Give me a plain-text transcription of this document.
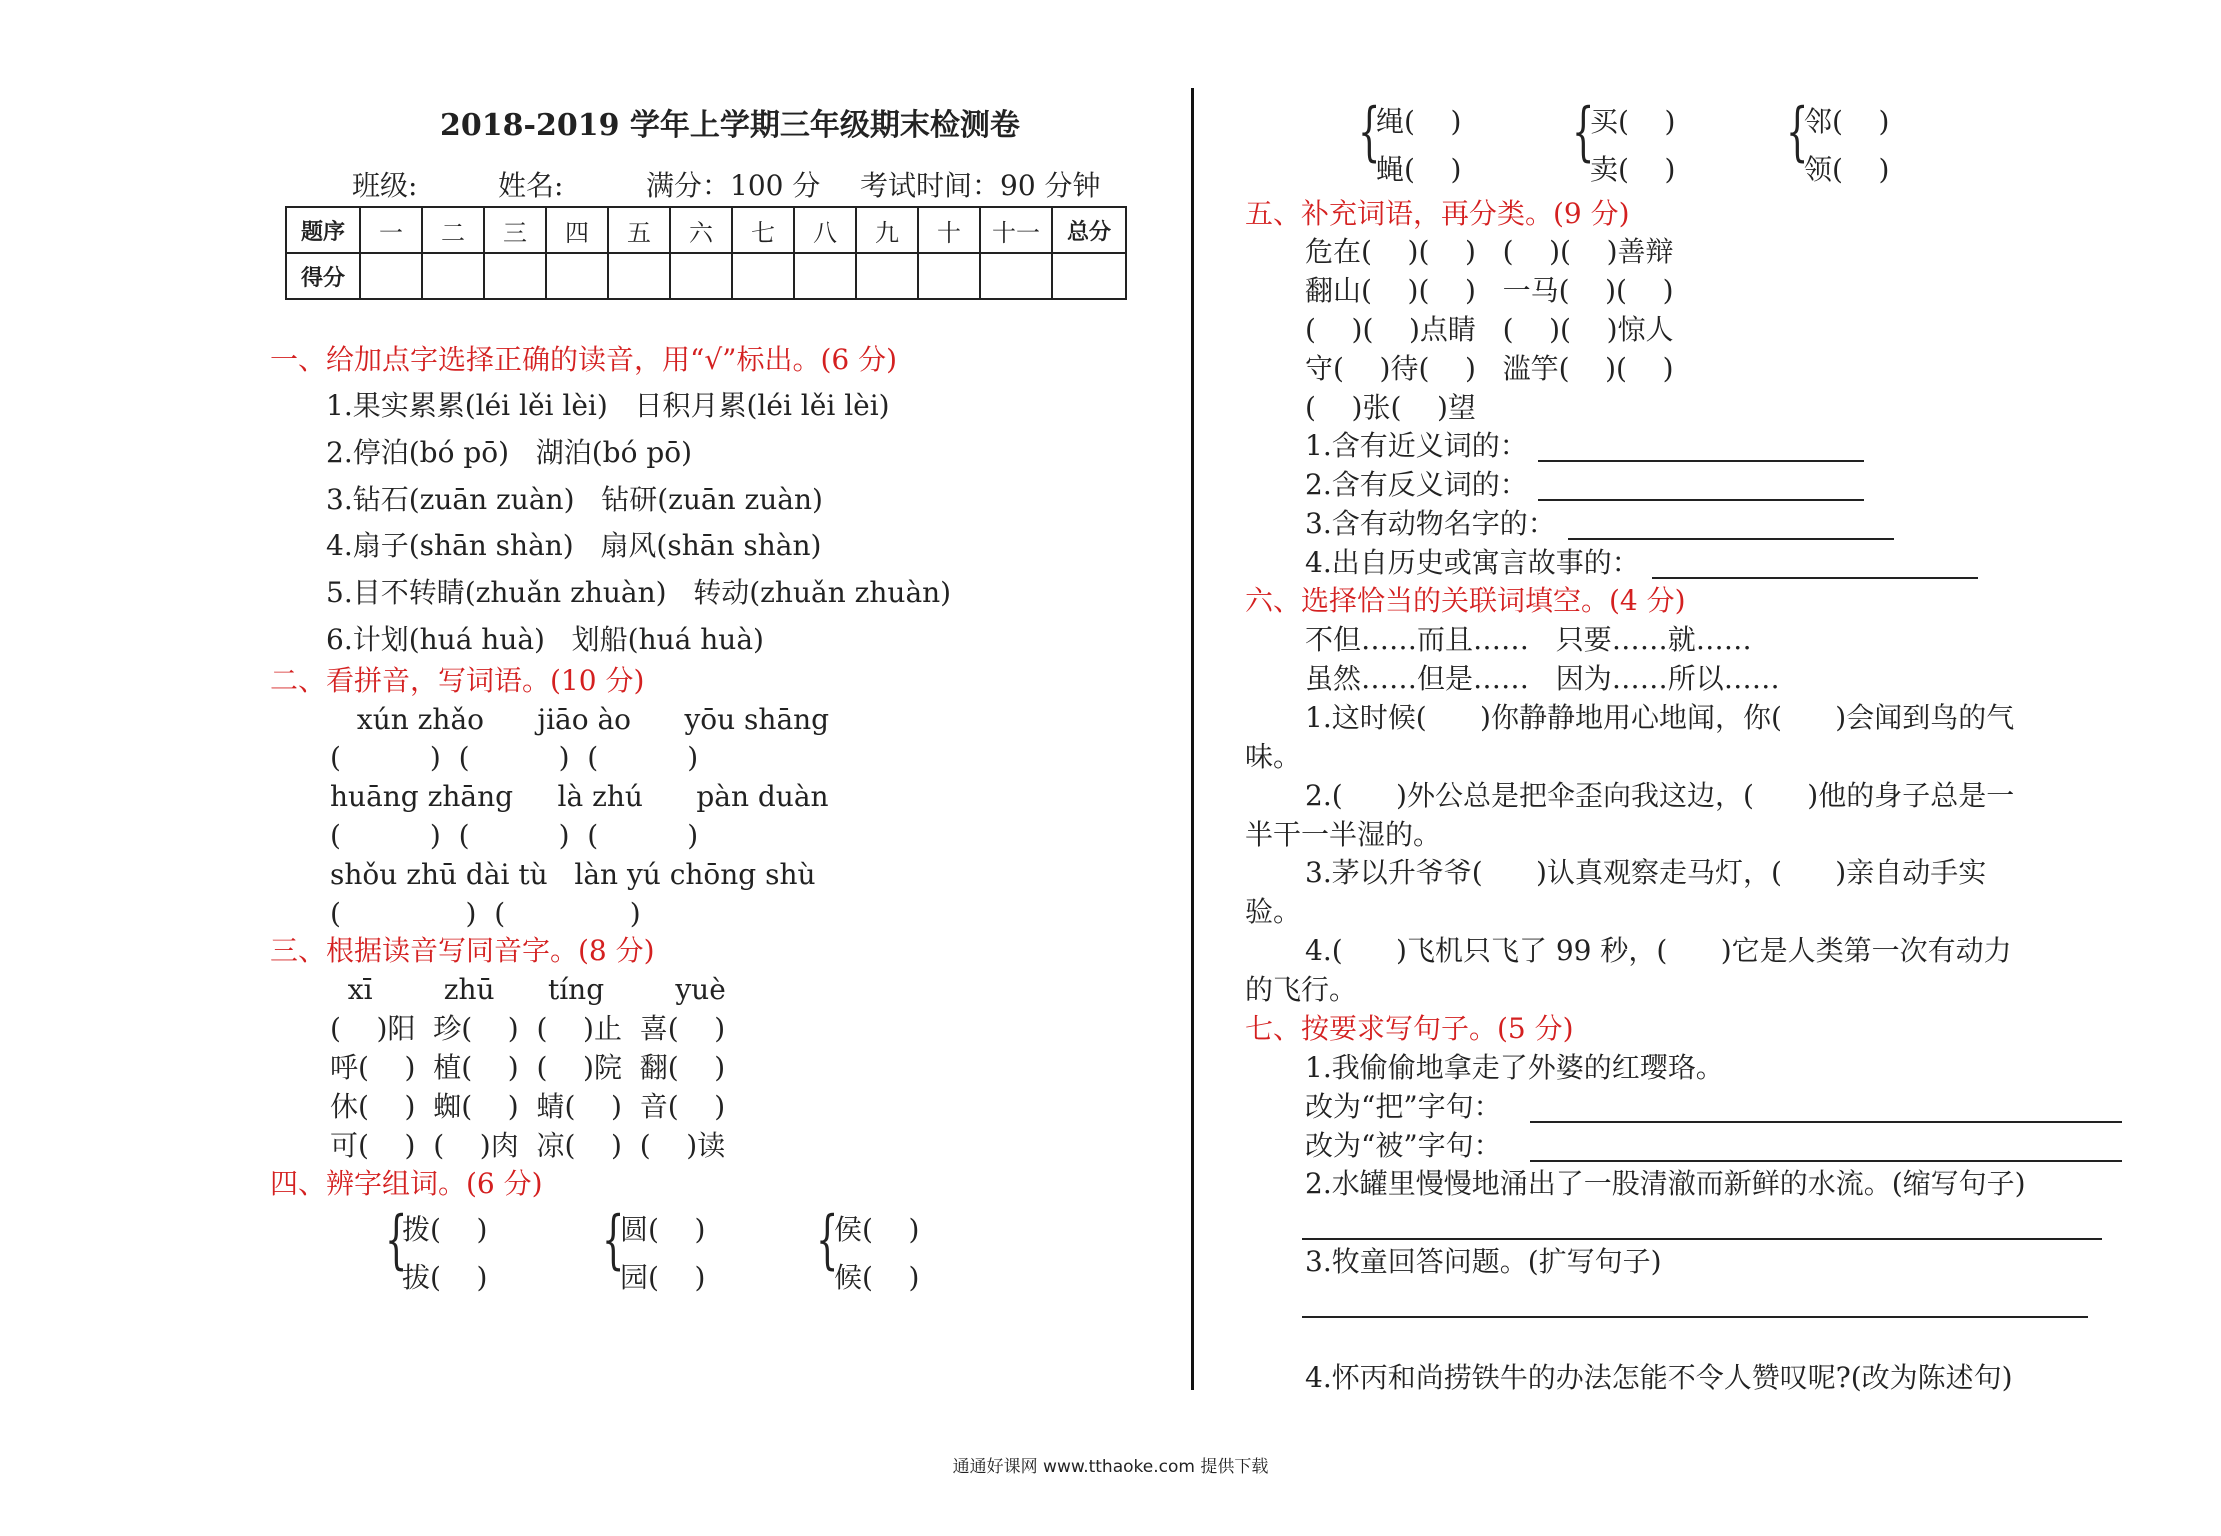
2018-2019 学年上学期三年级期末检测卷
班级:	姓名:	满分：100 分 考试时间：90 分钟
题序	一	二	三	四	五	六	七	八	九	十	十一	总分
得分												
一、给加点字选择正确的读音，用“√”标出。(6 分)
1.果实累累(léi lěi lèi)   日积月累(léi lěi lèi)
2.停泊(bó pō)   湖泊(bó pō)
3.钻石(zuān zuàn)   钻研(zuān zuàn)
4.扇子(shān shàn)   扇风(shān shàn)
5.目不转睛(zhuǎn zhuàn)   转动(zhuǎn zhuàn)
6.计划(huá huà)   划船(huá huà)
二、看拼音，写词语。(10 分)
xún zhǎo      jiāo ào      yōu shāng
(          )  (          )  (          )
huāng zhāng     là zhú      pàn duàn
(          )  (          )  (          )
shǒu zhū dài tù   làn yú chōng shù
(              )  (              )
三、根据读音写同音字。(8 分)
xī        zhū      tíng        yuè
(    )阳  珍(    )  (    )止  喜(    )
呼(    )  植(    )  (    )院  翻(    )
休(    )  蜘(    )  蜻(    )  音(    )
可(    )  (    )肉  凉(    )  (    )读
四、辨字组词。(6 分)
{
拨(    )
拔(    )
{
圆(    )
园(    )
{
侯(    )
候(    )
{
绳(    )
蝇(    )
{
买(    )
卖(    )
{
邻(    )
领(    )
五、补充词语，再分类。(9 分)
危在(    )(    )   (    )(    )善辩
翻山(    )(    )   一马(    )(    )
(    )(    )点睛   (    )(    )惊人
守(    )待(    )   滥竽(    )(    )
(    )张(    )望
1.含有近义词的：
2.含有反义词的：
3.含有动物名字的：
4.出自历史或寓言故事的：
六、选择恰当的关联词填空。(4 分)
不但……而且……   只要……就……
虽然……但是……   因为……所以……
1.这时候(      )你静静地用心地闻，你(      )会闻到鸟的气
味。
2.(      )外公总是把伞歪向我这边，(      )他的身子总是一
半干一半湿的。
3.茅以升爷爷(      )认真观察走马灯，(      )亲自动手实
验。
4.(      )飞机只飞了 99 秒，(      )它是人类第一次有动力
的飞行。
七、按要求写句子。(5 分)
1.我偷偷地拿走了外婆的红璎珞。
改为“把”字句：
改为“被”字句：
2.水罐里慢慢地涌出了一股清澈而新鲜的水流。(缩写句子)
3.牧童回答问题。(扩写句子)
4.怀丙和尚捞铁牛的办法怎能不令人赞叹呢?(改为陈述句)
通通好课网 www.tthaoke.com 提供下载
